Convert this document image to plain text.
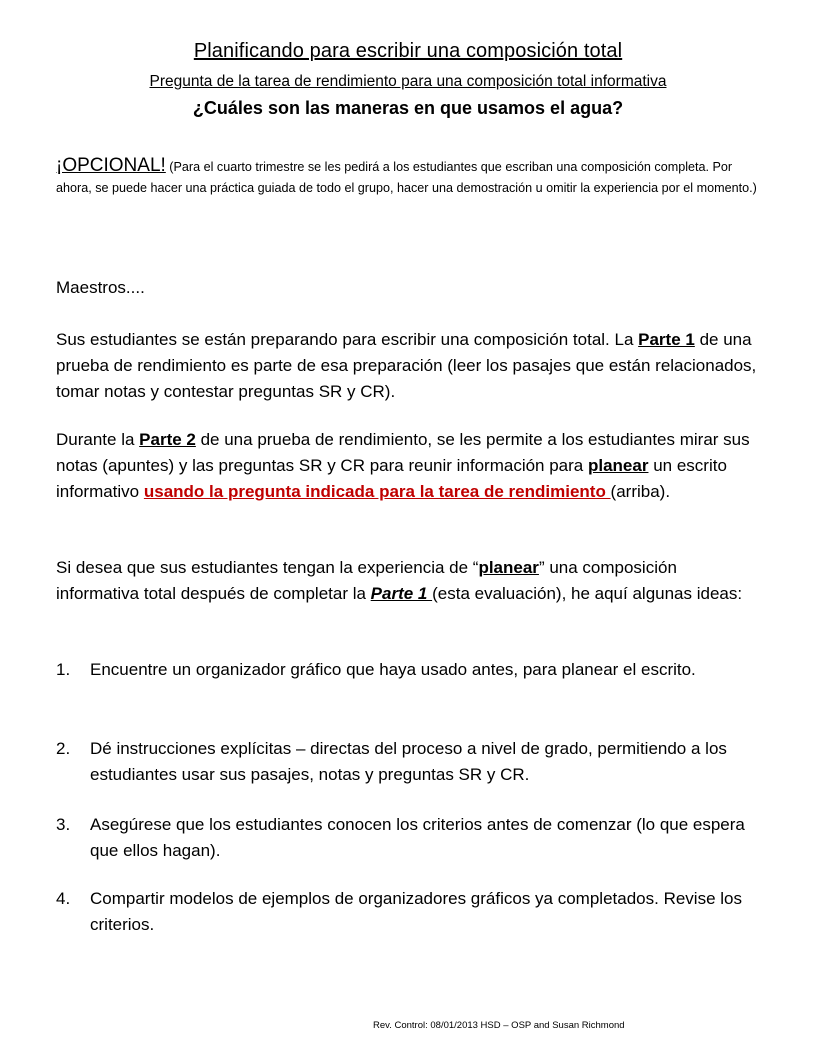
Planificando para escribir una composición total
Pregunta de la tarea de rendimiento para una composición total informativa
¿Cuáles son las maneras en que usamos el agua?
¡OPCIONAL! (Para el cuarto trimestre se les pedirá a los estudiantes que escriban una composición completa. Por ahora, se puede hacer una práctica guiada de todo el grupo, hacer una demostración u omitir la experiencia por el momento.)
Maestros....
Sus estudiantes se están preparando para escribir una composición total. La Parte 1 de una prueba de rendimiento es parte de esa preparación (leer los pasajes que están relacionados, tomar notas y contestar preguntas SR y CR).
Durante la Parte 2 de una prueba de rendimiento, se les permite a los estudiantes mirar sus notas (apuntes) y las preguntas SR y CR para reunir información para planear un escrito informativo usando la pregunta indicada para la tarea de rendimiento (arriba).
Si desea que sus estudiantes tengan la experiencia de “planear” una composición informativa total después de completar la Parte 1 (esta evaluación), he aquí algunas ideas:
1. Encuentre un organizador gráfico que haya usado antes, para planear el escrito.
2. Dé instrucciones explícitas – directas del proceso a nivel de grado, permitiendo a los estudiantes usar sus pasajes, notas y preguntas SR y CR.
3. Asegúrese que los estudiantes conocen los criterios antes de comenzar (lo que espera que ellos hagan).
4. Compartir modelos de ejemplos de organizadores gráficos ya completados. Revise los criterios.
Rev. Control: 08/01/2013 HSD – OSP and Susan Richmond
